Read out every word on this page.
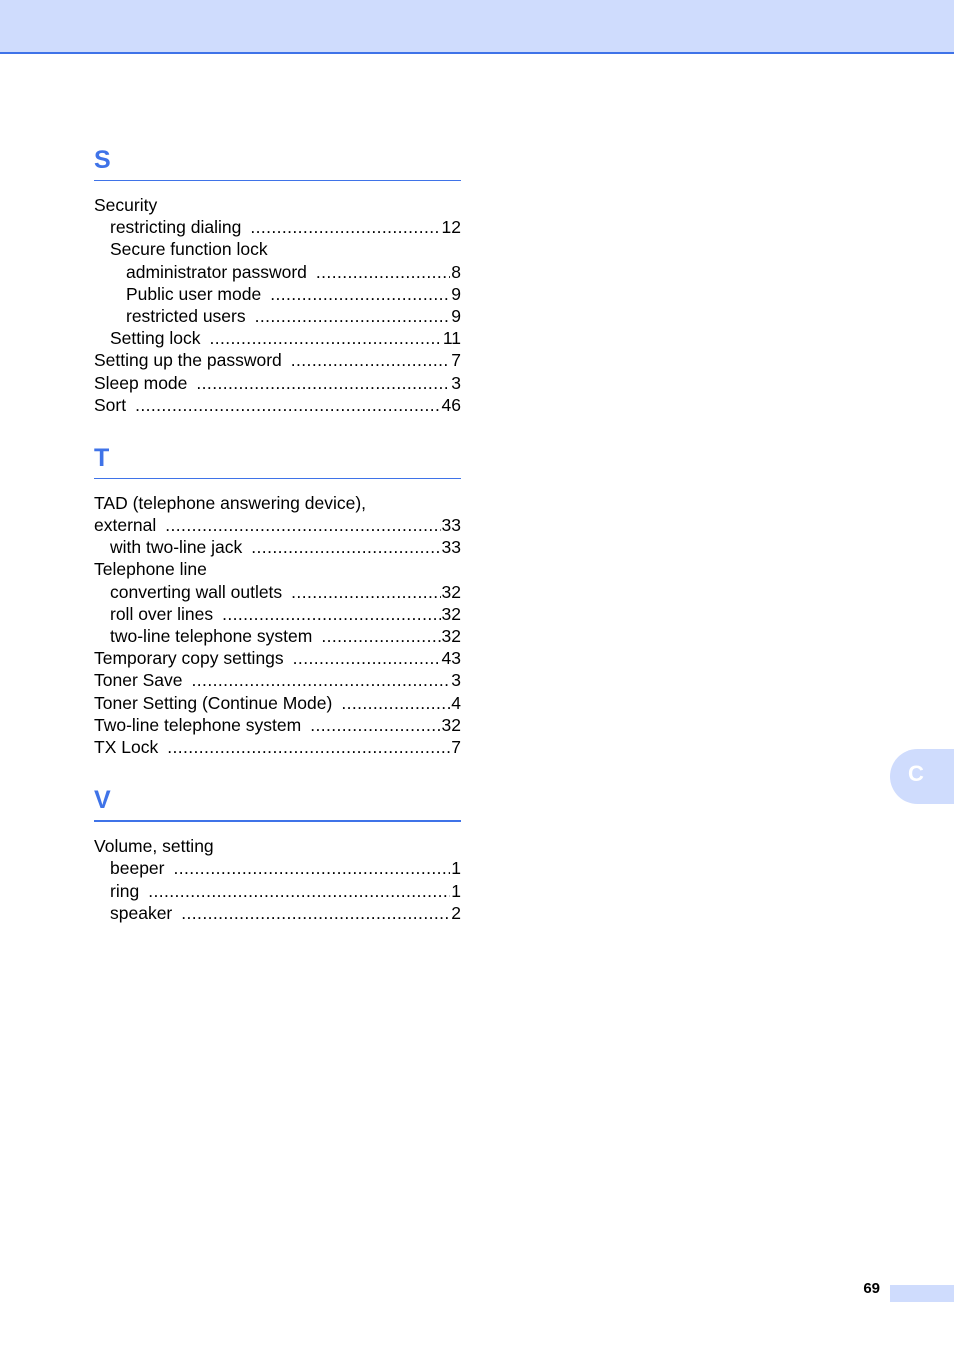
S
Security
restricting dialing .....	12
Secure function lock
administrator password .....	8
Public user mode .....	9
restricted users .....	9
Setting lock .....	11
Setting up the password .....	7
Sleep mode .....	3
Sort .....	46
T
TAD (telephone answering device),
external .....	33
with two-line jack .....	33
Telephone line
converting wall outlets .....	32
roll over lines .....	32
two-line telephone system .....	32
Temporary copy settings .....	43
Toner Save .....	3
Toner Setting (Continue Mode) .....	4
Two-line telephone system .....	32
TX Lock .....	7
V
Volume, setting
beeper .....	1
ring .....	1
speaker .....	2
C
69
